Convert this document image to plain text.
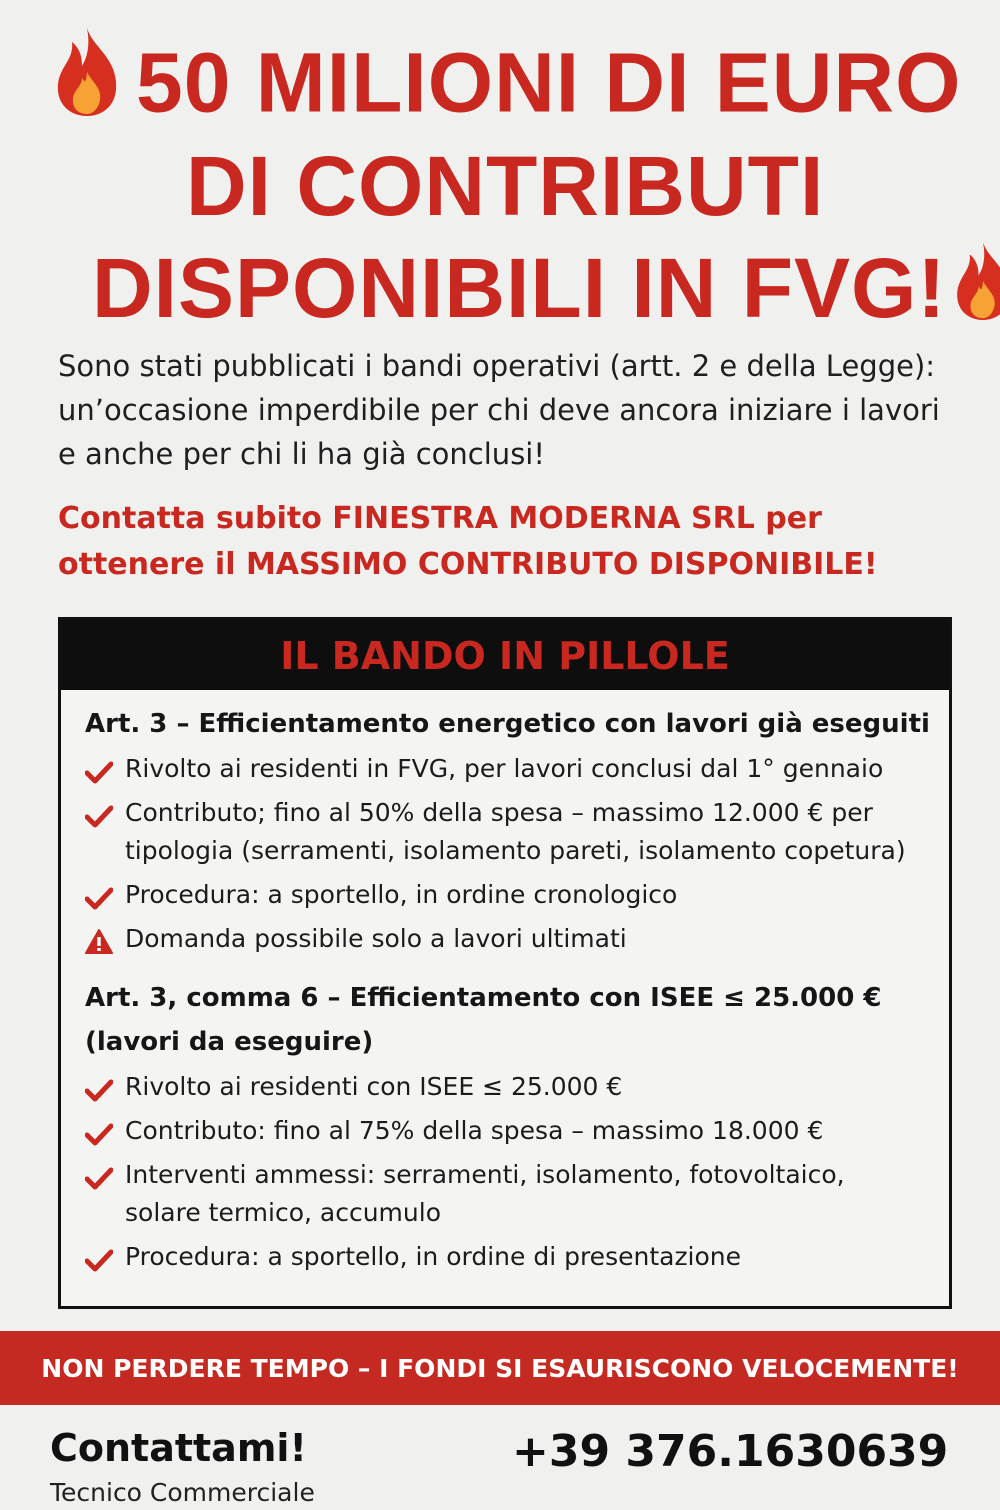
50 MILIONI DI EURO
DI CONTRIBUTI
DISPONIBILI IN FVG!

Sono stati pubblicati i bandi operativi (artt. 2 e della Legge): un’occasione imperdibile per chi deve ancora iniziare i lavori e anche per chi li ha già conclusi!

Contatta subito FINESTRA MODERNA SRL per ottenere il MASSIMO CONTRIBUTO DISPONIBILE!

IL BANDO IN PILLOLE

Art. 3 – Efficientamento energetico con lavori già eseguiti

Rivolto ai residenti in FVG, per lavori conclusi dal 1° gennaio
Contributo; fino al 50% della spesa – massimo 12.000 € per tipologia (serramenti, isolamento pareti, isolamento copetura)
Procedura: a sportello, in ordine cronologico
Domanda possibile solo a lavori ultimati

Art. 3, comma 6 – Efficientamento con ISEE ≤ 25.000 € (lavori da eseguire)

Rivolto ai residenti con ISEE ≤ 25.000 €
Contributo: fino al 75% della spesa – massimo 18.000 €
Interventi ammessi: serramenti, isolamento, fotovoltaico, solare termico, accumulo
Procedura: a sportello, in ordine di presentazione
NON PERDERE TEMPO – I FONDI SI ESAURISCONO VELOCEMENTE!
Contattami!
Tecnico Commerciale
+39 376.1630639
